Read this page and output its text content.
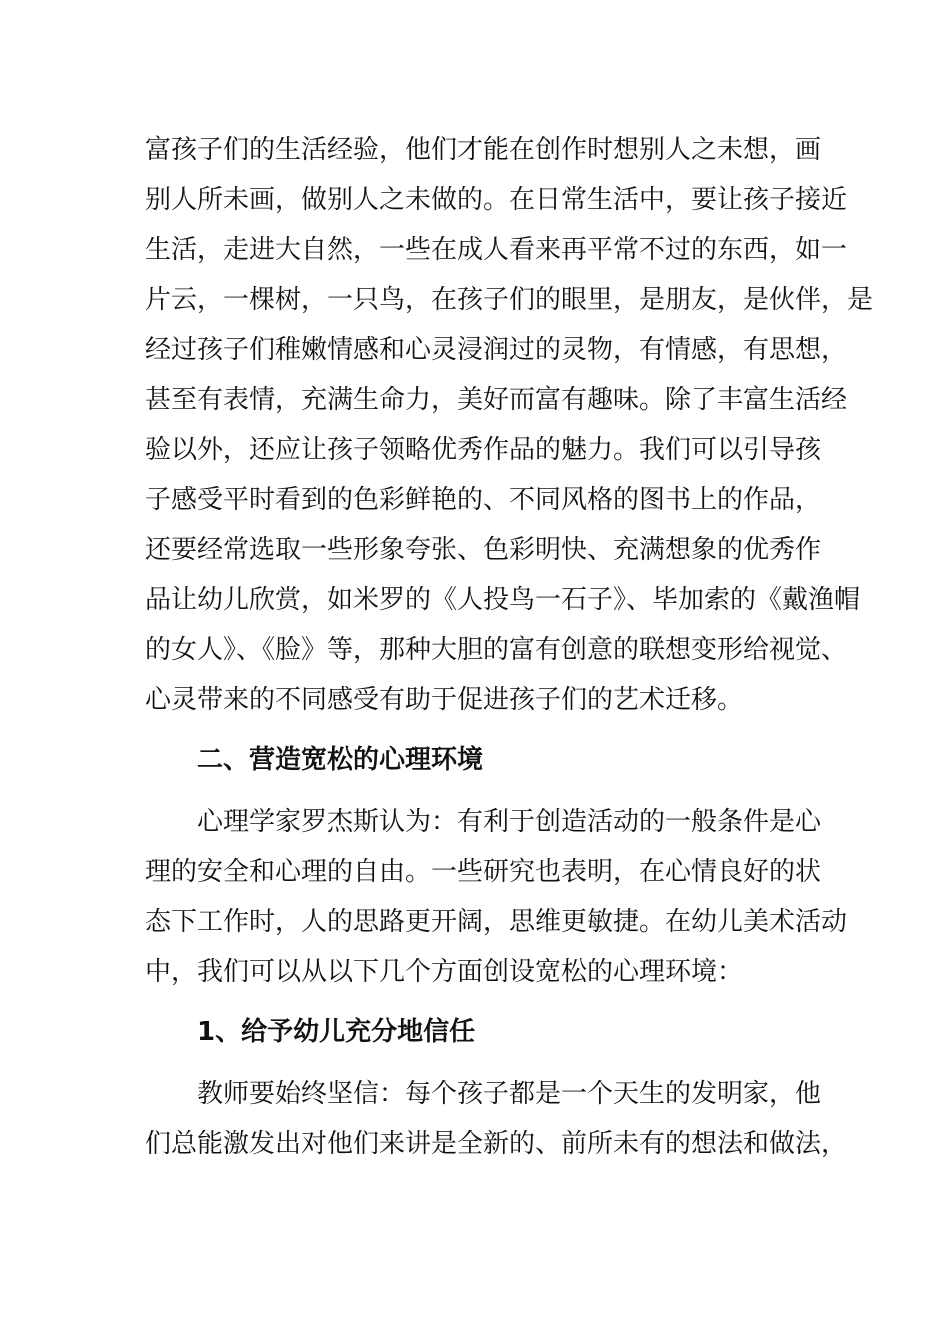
富孩子们的生活经验，他们才能在创作时想别人之未想，画
别人所未画，做别人之未做的。在日常生活中，要让孩子接近
生活，走进大自然，一些在成人看来再平常不过的东西，如一
片云，一棵树，一只鸟，在孩子们的眼里，是朋友，是伙伴，是
经过孩子们稚嫩情感和心灵浸润过的灵物，有情感，有思想，
甚至有表情，充满生命力，美好而富有趣味。除了丰富生活经
验以外，还应让孩子领略优秀作品的魅力。我们可以引导孩
子感受平时看到的色彩鲜艳的、不同风格的图书上的作品，
还要经常选取一些形象夸张、色彩明快、充满想象的优秀作
品让幼儿欣赏，如米罗的《人投鸟一石子》、毕加索的《戴渔帽
的女人》、《脸》等，那种大胆的富有创意的联想变形给视觉、
心灵带来的不同感受有助于促进孩子们的艺术迁移。
二、营造宽松的心理环境
心理学家罗杰斯认为：有利于创造活动的一般条件是心
理的安全和心理的自由。一些研究也表明，在心情良好的状
态下工作时，人的思路更开阔，思维更敏捷。在幼儿美术活动
中，我们可以从以下几个方面创设宽松的心理环境：
1、给予幼儿充分地信任
教师要始终坚信：每个孩子都是一个天生的发明家，他
们总能激发出对他们来讲是全新的、前所未有的想法和做法，
